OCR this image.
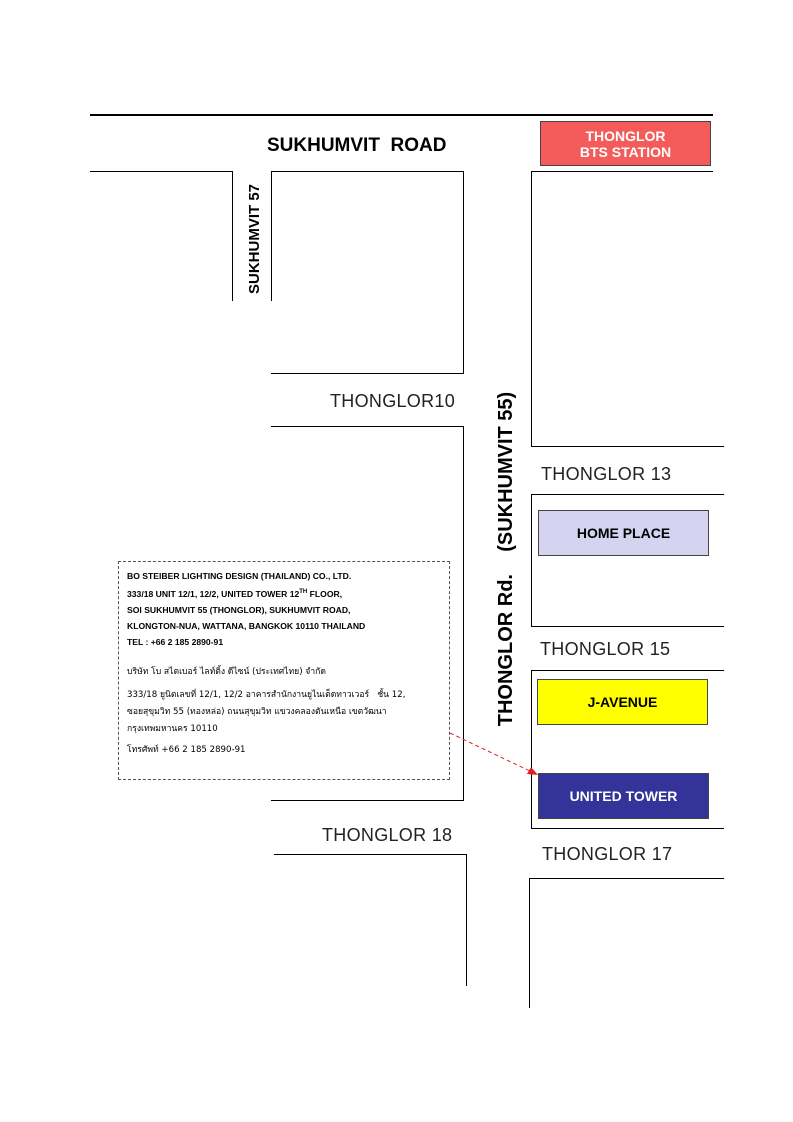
SUKHUMVIT  ROAD
SUKHUMVIT 57
THONGLOR Rd.    (SUKHUMVIT 55)
THONGLOR10
THONGLOR 13
THONGLOR 15
THONGLOR 17
THONGLOR 18
THONGLOR
BTS STATION
HOME PLACE
J-AVENUE
UNITED TOWER
BO STEIBER LIGHTING DESIGN (THAILAND) CO., LTD.
333/18 UNIT 12/1, 12/2, UNITED TOWER 12TH FLOOR,
SOI SUKHUMVIT 55 (THONGLOR), SUKHUMVIT ROAD,
KLONGTON-NUA, WATTANA, BANGKOK 10110 THAILAND
TEL : +66 2 185 2890-91
บริษัท โบ สไตเบอร์ ไลท์ติ้ง ดีไซน์ (ประเทศไทย) จำกัด
333/18 ยูนิตเลขที่ 12/1, 12/2 อาคารสำนักงานยูไนเต็ดทาวเวอร์   ชั้น 12,
ซอยสุขุมวิท 55 (ทองหล่อ) ถนนสุขุมวิท แขวงคลองตันเหนือ เขตวัฒนา
กรุงเทพมหานคร 10110
โทรศัพท์ +66 2 185 2890-91
